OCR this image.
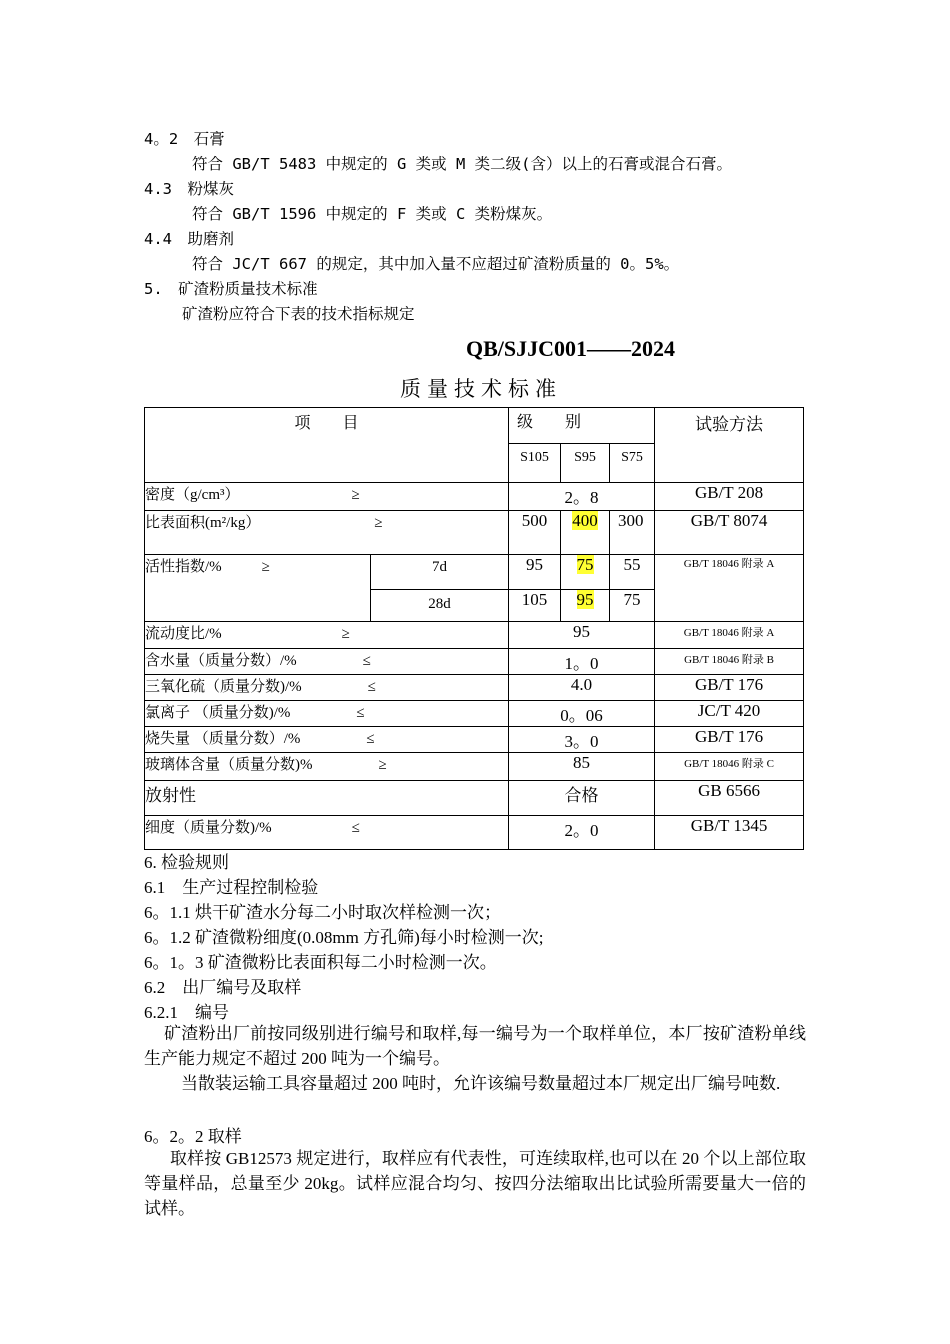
4。2　石膏
符合 GB/T 5483 中规定的 G 类或 M 类二级(含）以上的石膏或混合石膏。
4.3　粉煤灰
符合 GB/T 1596 中规定的 F 类或 C 类粉煤灰。
4.4　助磨剂
符合 JC/T 667 的规定，其中加入量不应超过矿渣粉质量的 0。5%。
5.　矿渣粉质量技术标准
矿渣粉应符合下表的技术指标规定
QB/SJJC001——2024
质量技术标准
项　　目		级　　别			试验方法
		S105	S95	S75	
密度（g/cm³） ≥		2。8			GB/T 208
比表面积(m²/kg） ≥		500	400	300	GB/T 8074
活性指数/% ≥	7d	95	75	55	GB/T 18046 附录 A
	28d	105	95	75	
流动度比/% ≥		95			GB/T 18046 附录 A
含水量（质量分数）/% ≤		1。0			GB/T 18046 附录 B
三氧化硫（质量分数)/% ≤		4.0			GB/T 176
氯离子 （质量分数)/% ≤		0。06			JC/T 420
烧失量 （质量分数）/% ≤		3。0			GB/T 176
玻璃体含量（质量分数)% ≥		85			GB/T 18046 附录 C
放射性		合格			GB 6566
细度（质量分数)/% ≤		2。0			GB/T 1345
6. 检验规则
6.1　生产过程控制检验
6。1.1 烘干矿渣水分每二小时取次样检测一次；
6。1.2 矿渣微粉细度(0.08mm 方孔筛)每小时检测一次;
6。1。3 矿渣微粉比表面积每二小时检测一次。
6.2　出厂编号及取样
6.2.1　编号
矿渣粉出厂前按同级别进行编号和取样,每一编号为一个取样单位，本厂按矿渣粉单线生产能力规定不超过 200 吨为一个编号。
当散装运输工具容量超过 200 吨时，允许该编号数量超过本厂规定出厂编号吨数.
6。2。2 取样
取样按 GB12573 规定进行，取样应有代表性，可连续取样,也可以在 20 个以上部位取等量样品，总量至少 20kg。试样应混合均匀、按四分法缩取出比试验所需要量大一倍的试样。
